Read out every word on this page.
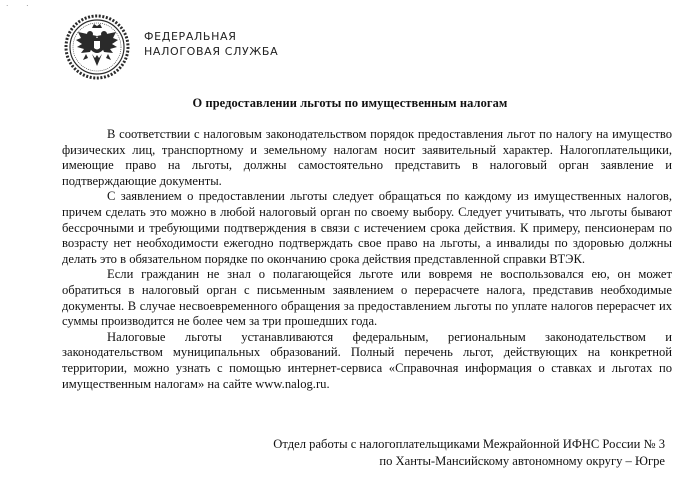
· ·
ФЕДЕРАЛЬНАЯ
НАЛОГОВАЯ СЛУЖБА
О предоставлении льготы по имущественным налогам

В соответствии с налоговым законодательством порядок предоставления льгот по налогу на имущество физических лиц, транспортному и земельному налогам носит заявительный характер. Налогоплательщики, имеющие право на льготы, должны самостоятельно представить в налоговый орган заявление и подтверждающие документы.

С заявлением о предоставлении льготы следует обращаться по каждому из имущественных налогов, причем сделать это можно в любой налоговый орган по своему выбору. Следует учитывать, что льготы бывают бессрочными и требующими подтверждения в связи с истечением срока действия. К примеру, пенсионерам по возрасту нет необходимости ежегодно подтверждать свое право на льготы, а инвалиды по здоровью должны делать это в обязательном порядке по окончанию срока действия представленной справки ВТЭК.

Если гражданин не знал о полагающейся льготе или вовремя не воспользовался ею, он может обратиться в налоговый орган с письменным заявлением о перерасчете налога, представив необходимые документы. В случае несвоевременного обращения за предоставлением льготы по уплате налогов перерасчет их суммы производится не более чем за три прошедших года.

Налоговые льготы устанавливаются федеральным, региональным законодательством и законодательством муниципальных образований. Полный перечень льгот, действующих на конкретной территории, можно узнать с помощью интернет-сервиса «Справочная информация о ставках и льготах по имущественным налогам» на сайте www.nalog.ru.

Отдел работы с налогоплательщиками Межрайонной ИФНС России № 3
по Ханты-Мансийскому автономному округу – Югре
